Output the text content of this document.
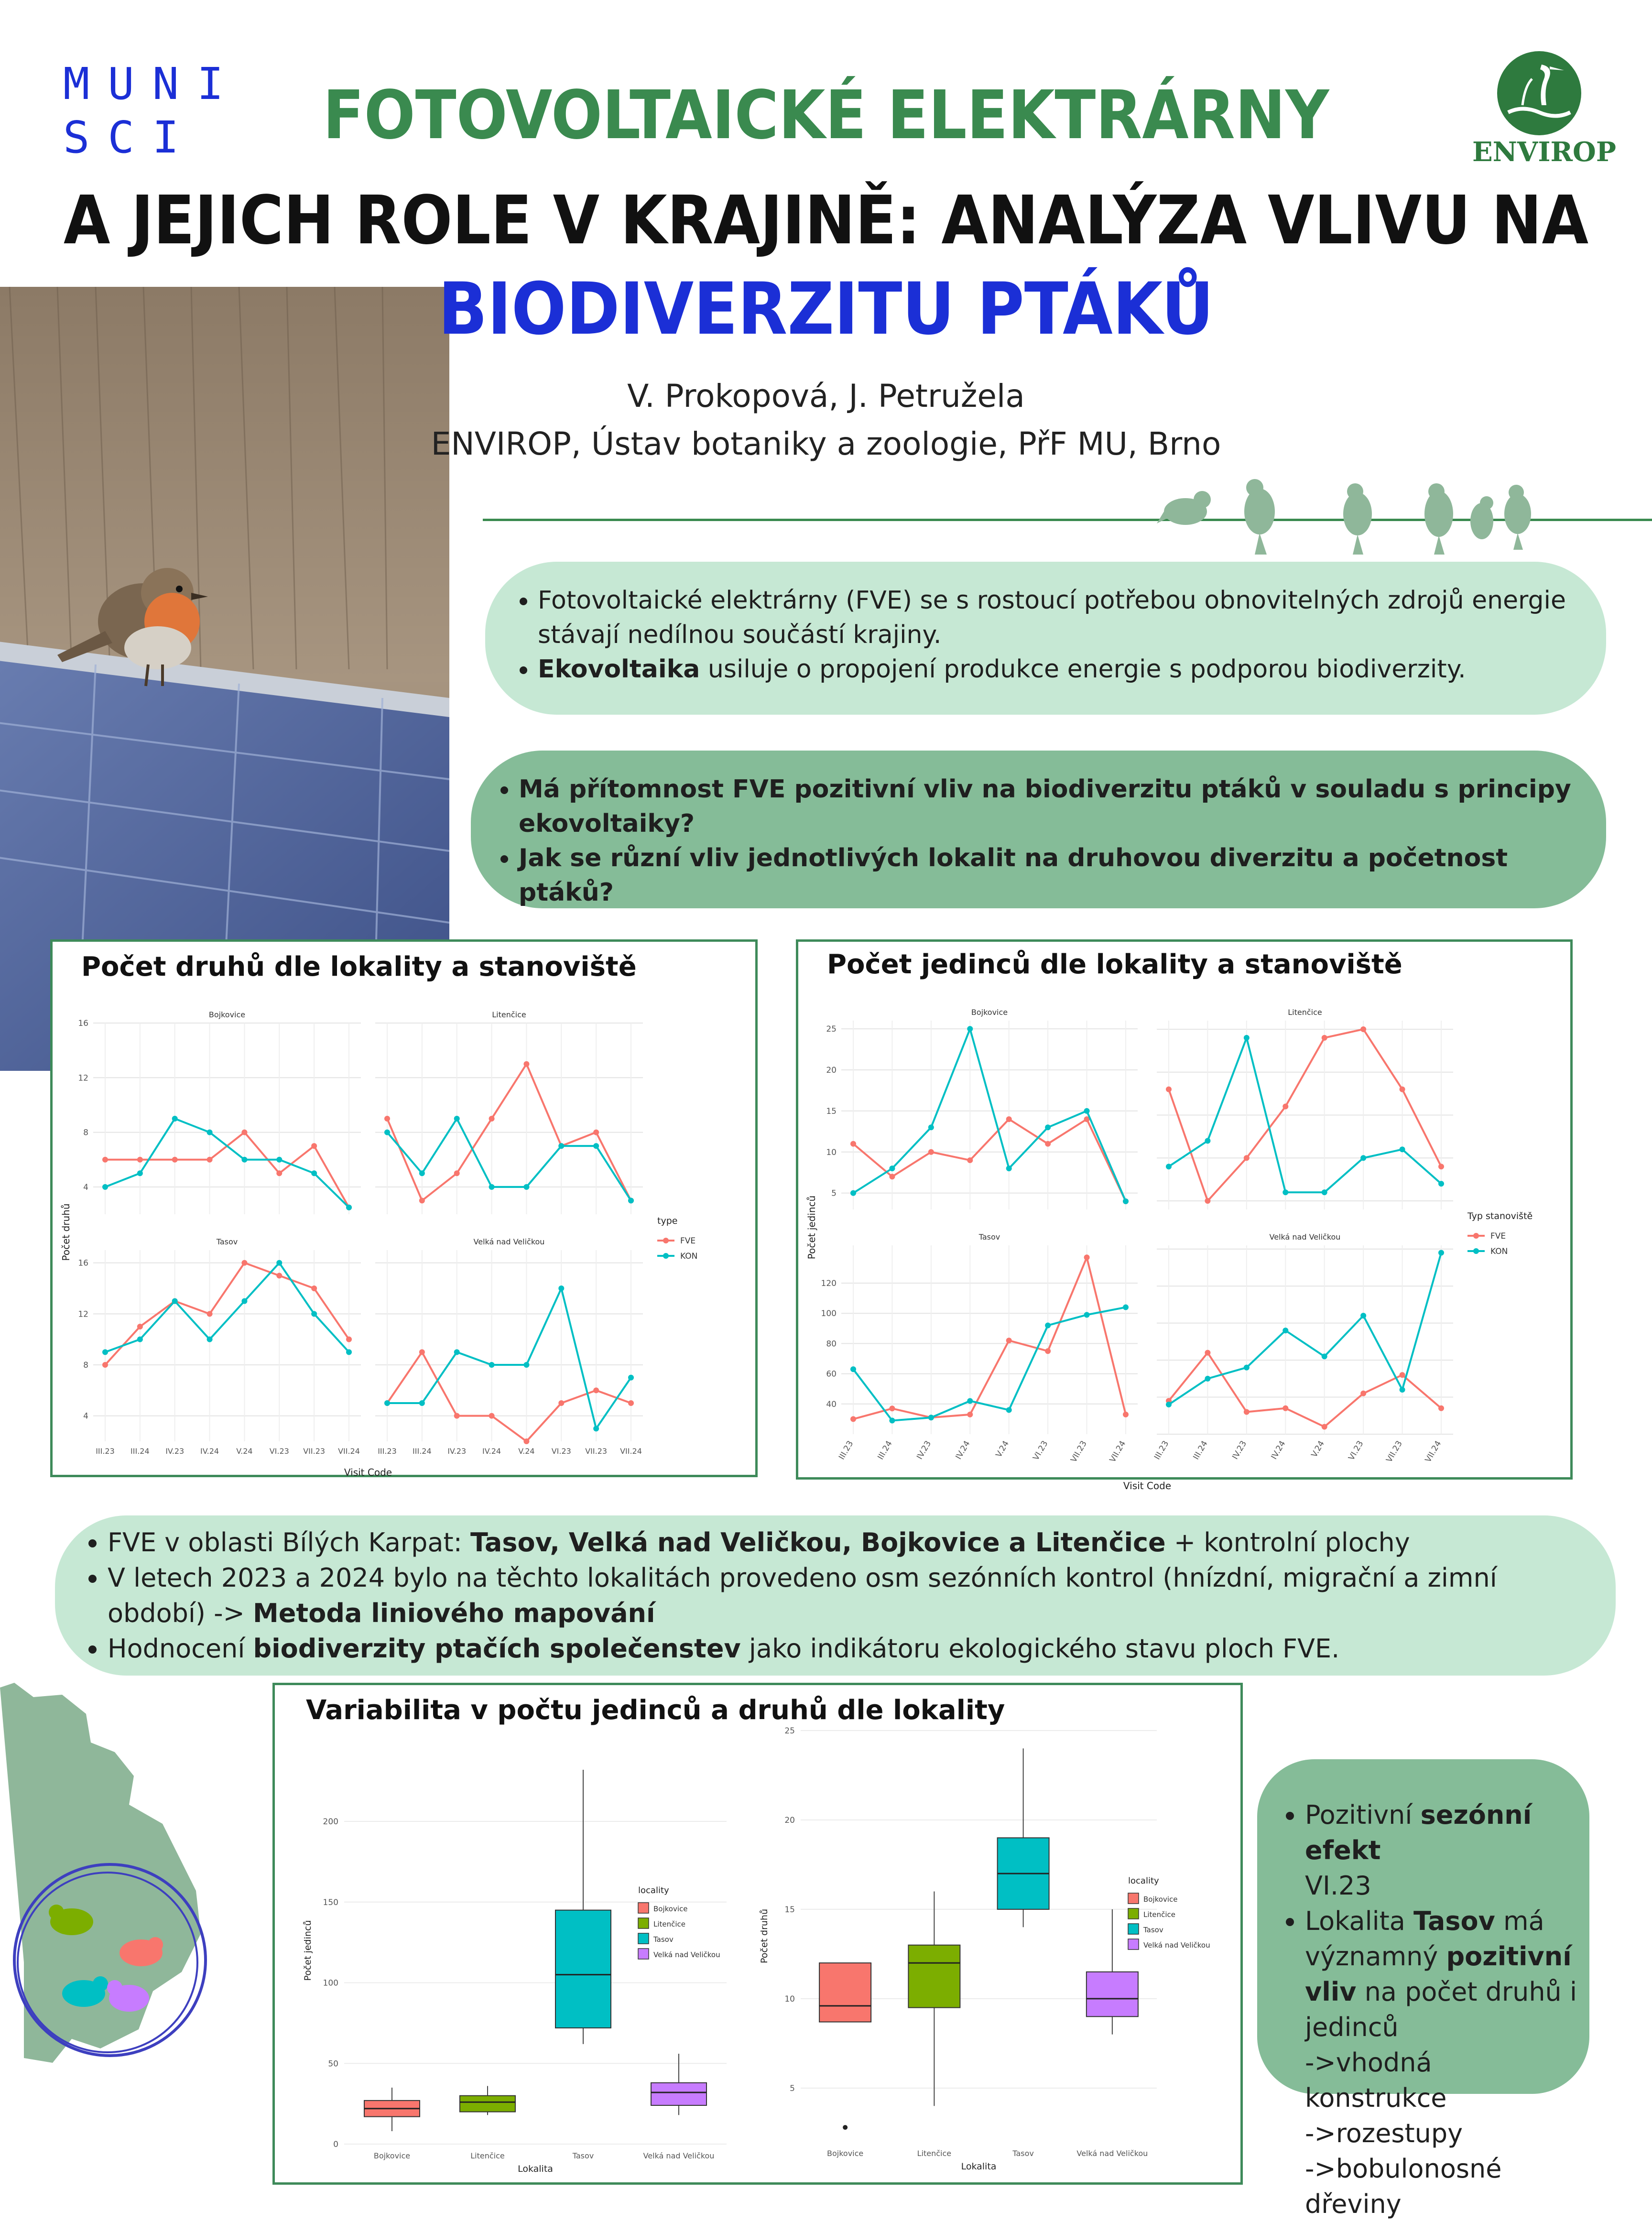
MUNI
SCI	FOTOVOLTAICKÉ ELEKTRÁRNY
A JEJICH ROLE V KRAJINĚ: ANALÝZA VLIVU NA
BIODIVERZITU PTÁKŮ
V. Prokopová, J. Petružela
ENVIROP, Ústav botaniky a zoologie, PřF MU, Brno
ENVIROP
• Fotovoltaické elektrárny (FVE) se s rostoucí potřebou obnovitelných zdrojů energie stávají nedílnou součástí krajiny.
• Ekovoltaika usiluje o propojení produkce energie s podporou biodiverzity.
• Má přítomnost FVE pozitivní vliv na biodiverzitu ptáků v souladu s principy ekovoltaiky?
• Jak se různí vliv jednotlivých lokalit na druhovou diverzitu a početnost ptáků?
Počet druhů dle lokality a stanoviště
Bojkovice
4
8
12
16
Litenčice
Tasov
4
8
12
16
III.23 III.24 IV.23 IV.24 V.24 VI.23 VII.23 VII.24
Velká nad Veličkou
III.23 III.24 IV.23 IV.24 V.24 VI.23 VII.23 VII.24
Visit Code
Počet druhů	type
FVE
KON
Počet jedinců dle lokality a stanoviště
Bojkovice
5
10
15
20
25
Litenčice
Tasov
40
60
80
100
120
III.23	III.24	IV.23	IV.24	V.24 VI.23 VII.23 VII.24
Velká nad Veličkou
III.23	III.24	IV.23	IV.24	V.24 VI.23 VII.23 VII.24
Visit Code
Počet jedinců	Typ stanoviště
FVE
KON
• FVE v oblasti Bílých Karpat: Tasov, Velká nad Veličkou, Bojkovice a Litenčice + kontrolní plochy
• V letech 2023 a 2024 bylo na těchto lokalitách provedeno osm sezónních kontrol (hnízdní, migrační a zimní období) -> Metoda liniového mapování
• Hodnocení biodiverzity ptačích společenstev jako indikátoru ekologického stavu ploch FVE.
Variabilita v počtu jedinců a druhů dle lokality
0
50
100
150
200
Bojkovice	Litenčice	Tasov	Velká nad Veličkou
Lokalita
Počet jedinců
locality
Bojkovice
Litenčice
Tasov
Velká nad Veličkou
5
10
15
20
25
Bojkovice	Litenčice	Tasov	Velká nad Veličkou
Lokalita
Počet druhů
locality
Bojkovice
Litenčice
Tasov
Velká nad Veličkou
• Pozitivní sezónní efekt
VI.23
• Lokalita Tasov má významný pozitivní vliv na počet druhů i jedinců
->vhodná konstrukce
->rozestupy
->bobulonosné dřeviny
